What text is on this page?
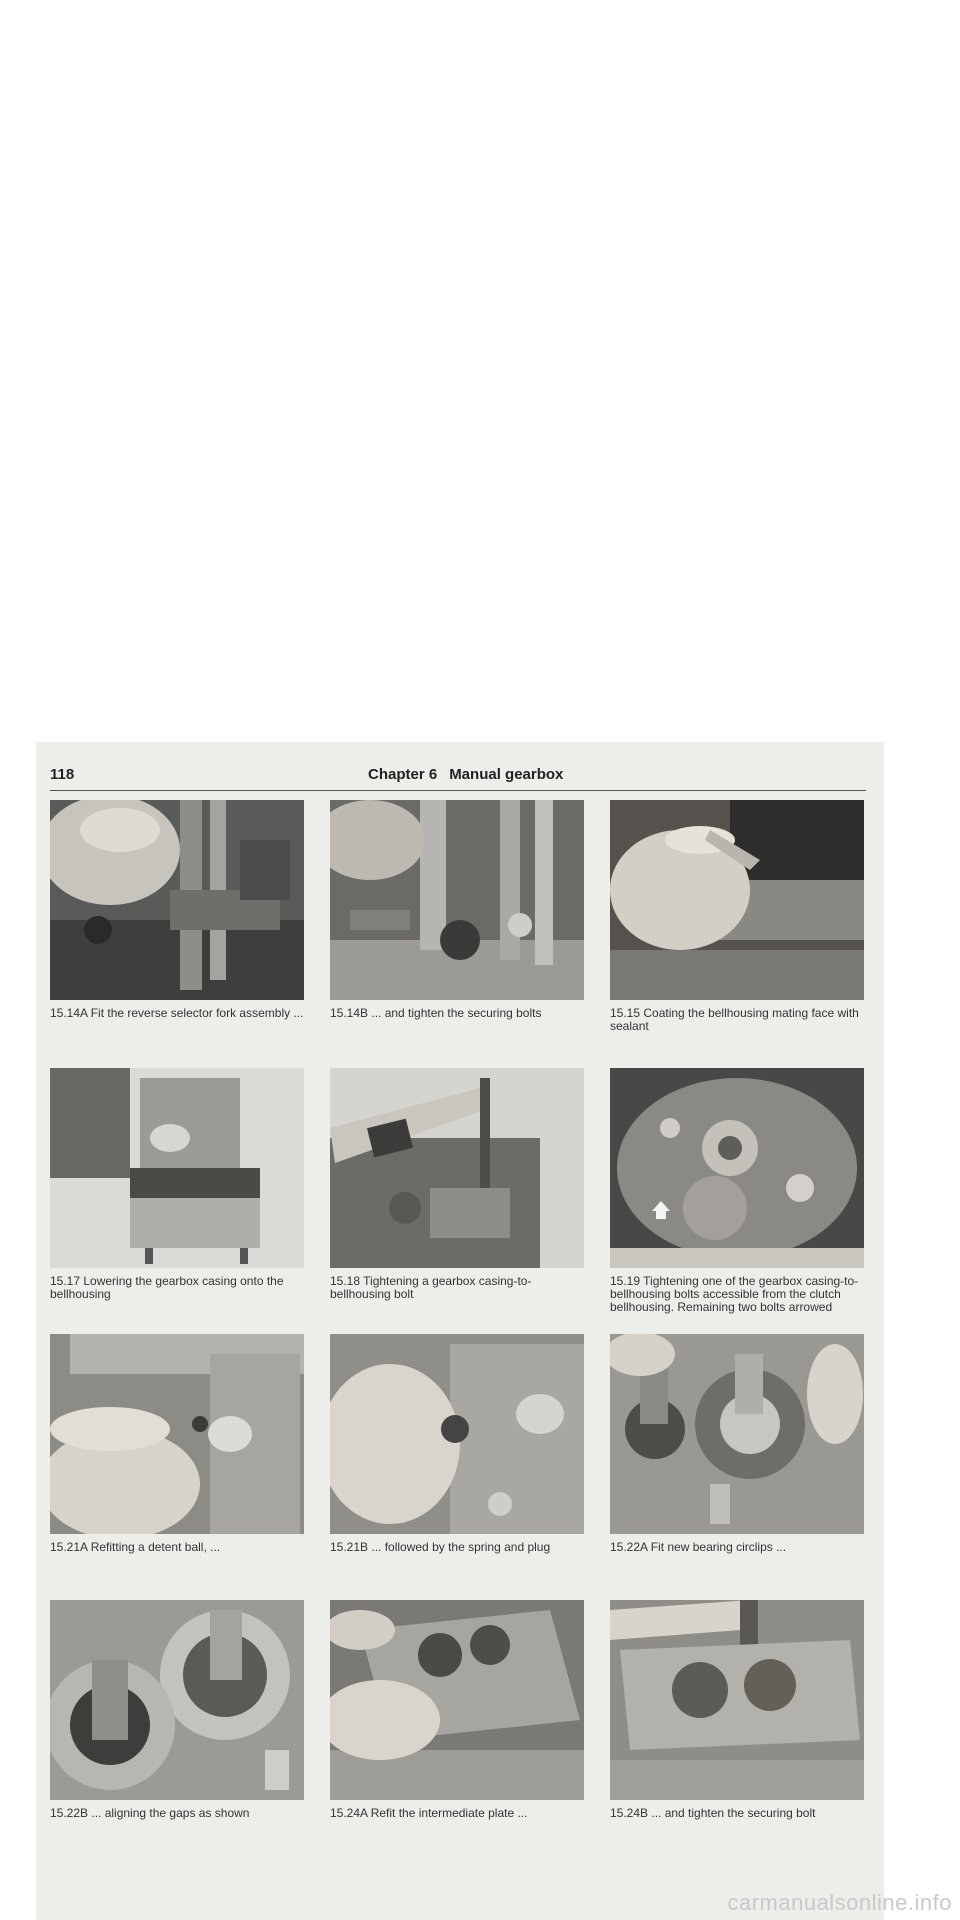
118	Chapter 6 Manual gearbox
15.14A Fit the reverse selector fork assembly ... 15.14B ... and tighten the securing bolts	15.15 Coating the bellhousing mating face with sealant
15.17 Lowering the gearbox casing onto the bellhousing
15.18 Tightening a gearbox casing-to-bellhousing bolt
15.19 Tightening one of the gearbox casing-to-bellhousing bolts accessible from the clutch bellhousing. Remaining two bolts arrowed
15.21A Refitting a detent ball, ...	15.21B ... followed by the spring and plug	15.22A Fit new bearing circlips ...
15.22B ... aligning the gaps as shown	15.24A Refit the intermediate plate ...	15.24B ... and tighten the securing bolt
carmanualsonline.info
